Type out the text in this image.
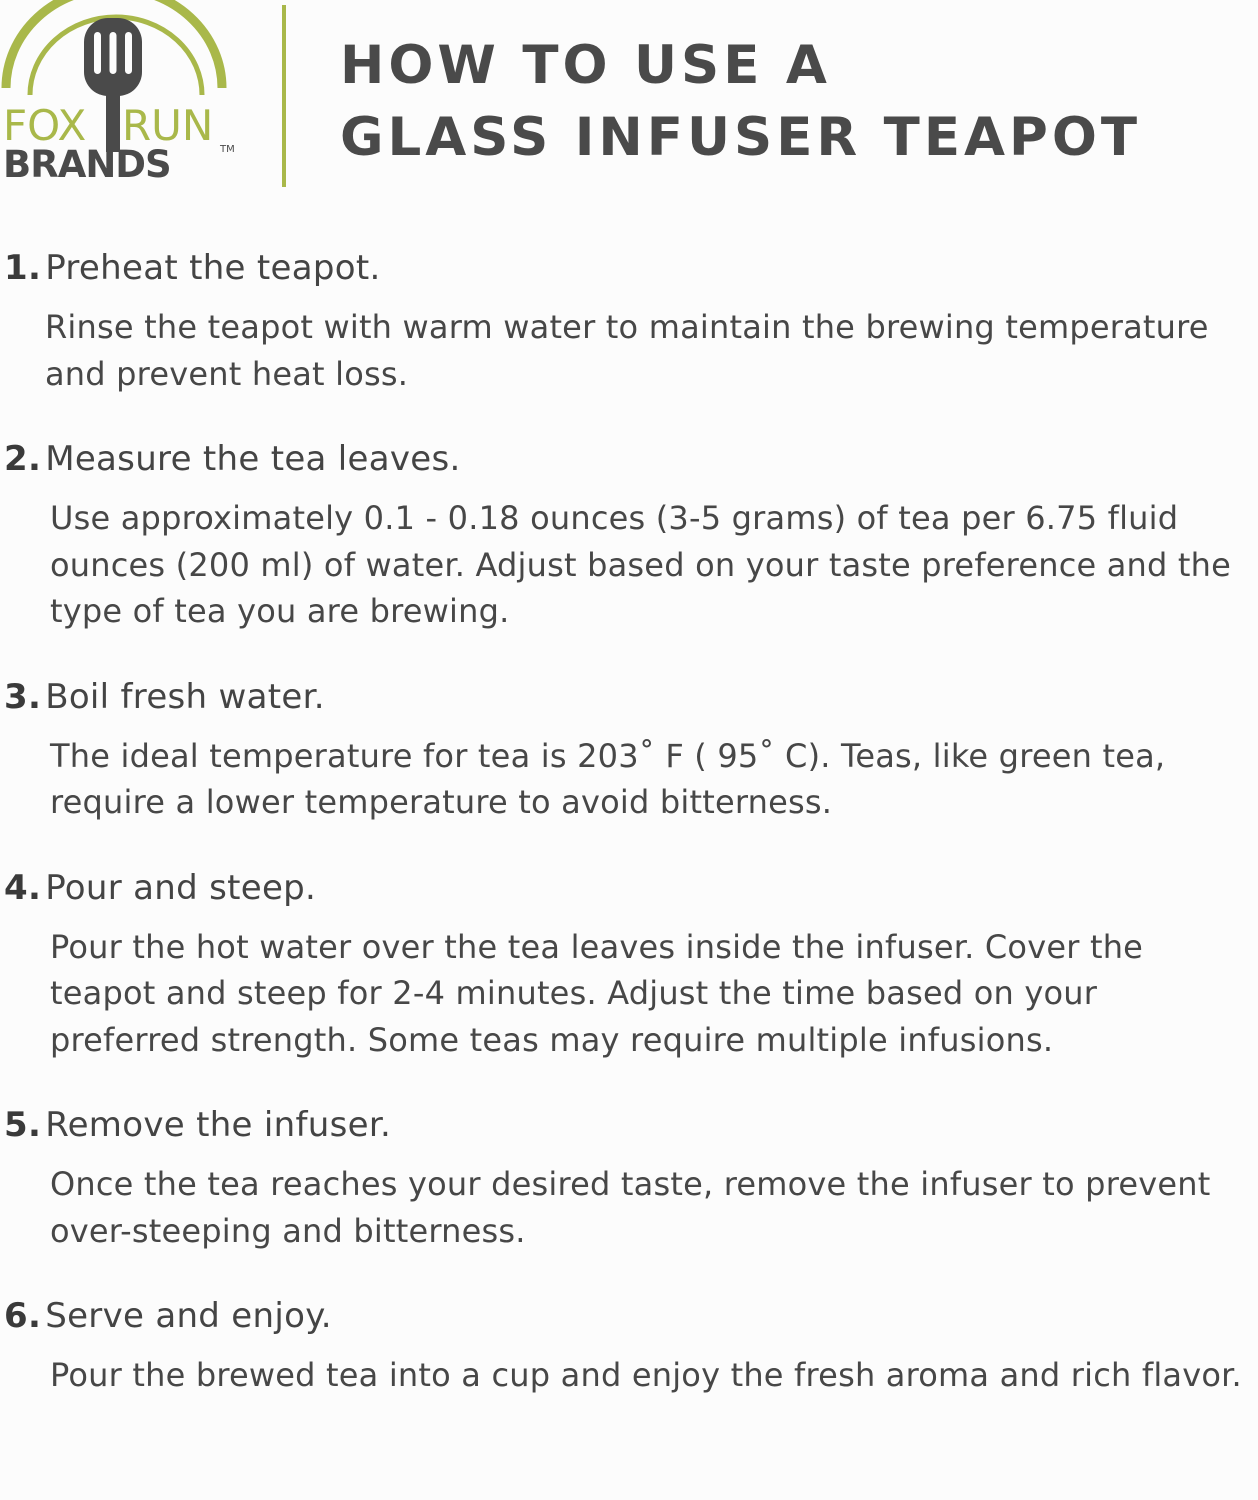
FOX RUN
BRANDS	TM
HOW TO USE A
GLASS INFUSER TEAPOT
1. Preheat the teapot.
Rinse the teapot with warm water to maintain the brewing temperature and prevent heat loss.
2. Measure the tea leaves.
Use approximately 0.1 - 0.18 ounces (3-5 grams) of tea per 6.75 fluid ounces (200 ml) of water. Adjust based on your taste preference and the type of tea you are brewing.
3. Boil fresh water.
The ideal temperature for tea is 203˚ F ( 95˚ C). Teas, like green tea, require a lower temperature to avoid bitterness.
4. Pour and steep.
Pour the hot water over the tea leaves inside the infuser. Cover the teapot and steep for 2-4 minutes. Adjust the time based on your preferred strength. Some teas may require multiple infusions.
5. Remove the infuser.
Once the tea reaches your desired taste, remove the infuser to prevent over-steeping and bitterness.
6. Serve and enjoy.
Pour the brewed tea into a cup and enjoy the fresh aroma and rich flavor.
